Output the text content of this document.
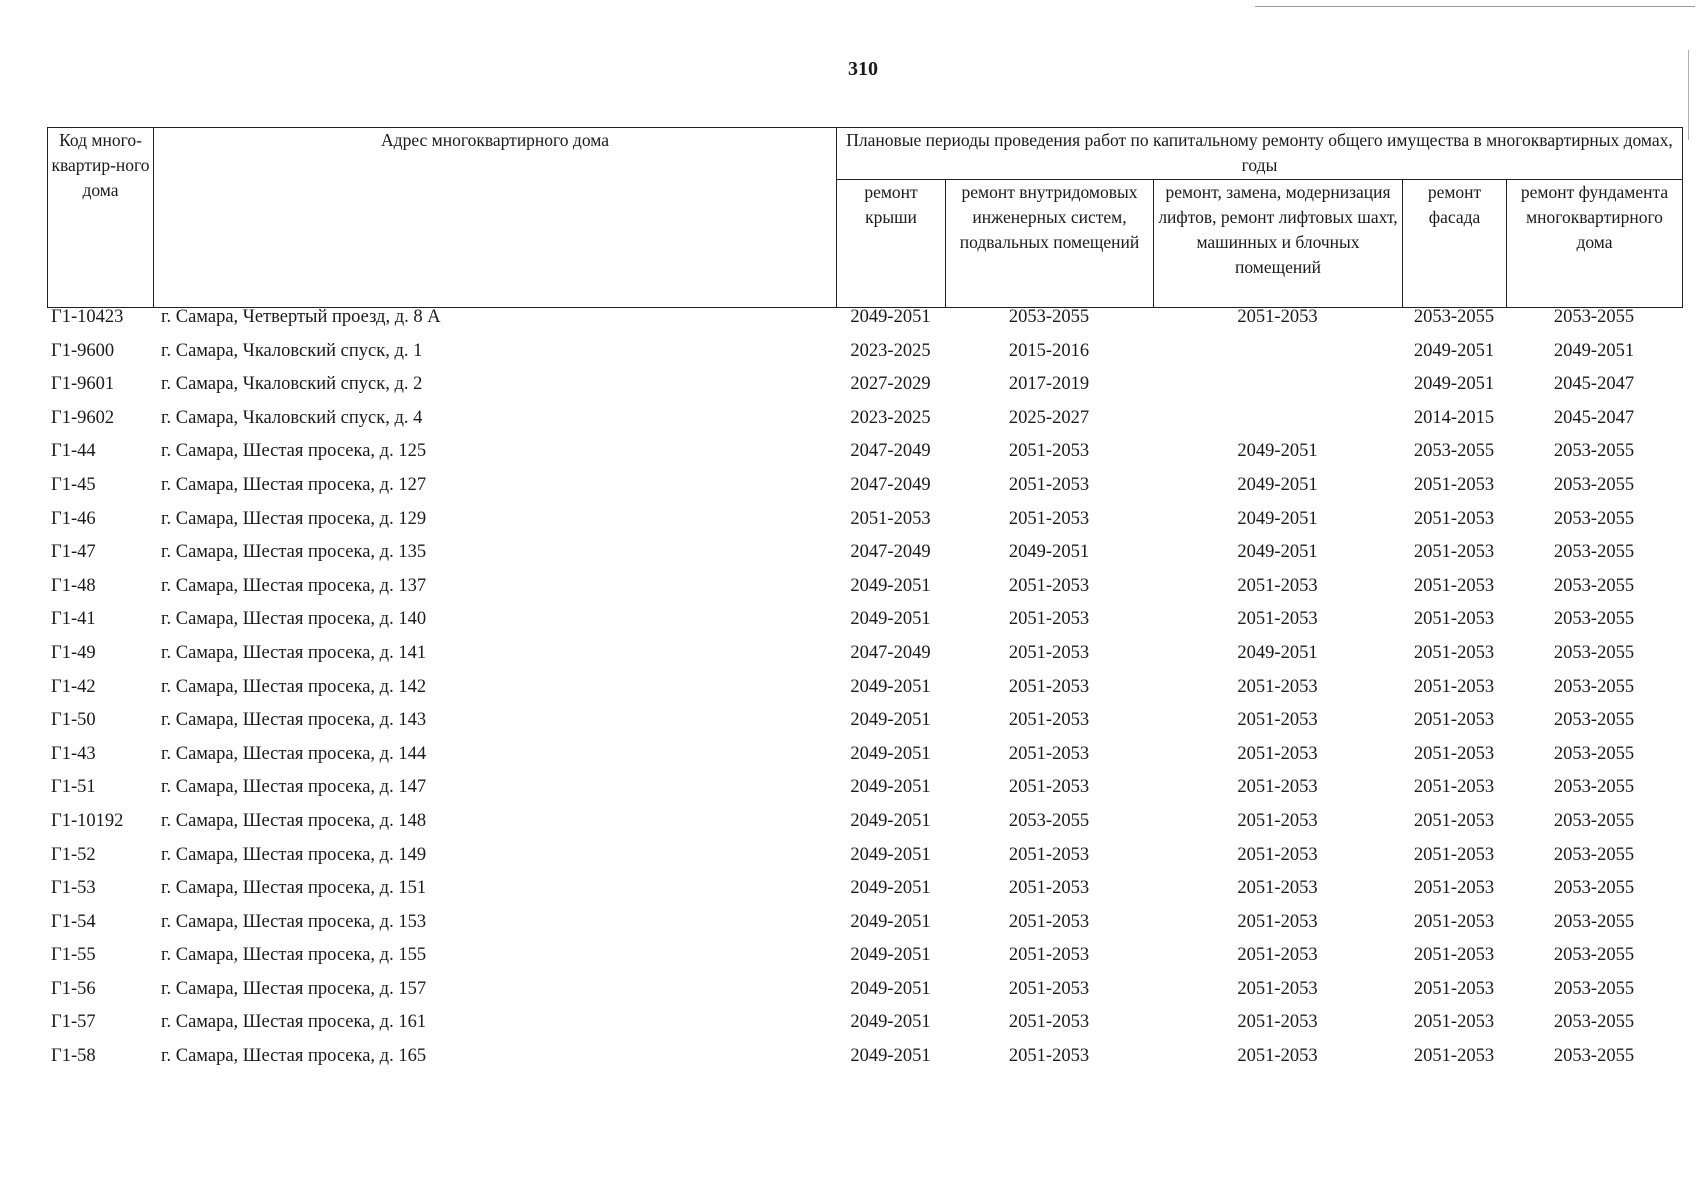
310
Код много-квартир-ного дома	Адрес многоквартирного дома	Плановые периоды проведения работ по капитальному ремонту общего имущества в многоквартирных домах, годы				
		ремонт крыши	ремонт внутридомовых инженерных систем, подвальных помещений	ремонт, замена, модернизация лифтов, ремонт лифтовых шахт, машинных и блочных помещений	ремонт фасада	ремонт фундамента многоквартирного дома
Г1-10423	г. Самара, Четвертый проезд, д. 8 А	2049-2051	2053-2055	2051-2053	2053-2055	2053-2055
Г1-9600	г. Самара, Чкаловский спуск, д. 1	2023-2025	2015-2016		2049-2051	2049-2051
Г1-9601	г. Самара, Чкаловский спуск, д. 2	2027-2029	2017-2019		2049-2051	2045-2047
Г1-9602	г. Самара, Чкаловский спуск, д. 4	2023-2025	2025-2027		2014-2015	2045-2047
Г1-44	г. Самара, Шестая просека, д. 125	2047-2049	2051-2053	2049-2051	2053-2055	2053-2055
Г1-45	г. Самара, Шестая просека, д. 127	2047-2049	2051-2053	2049-2051	2051-2053	2053-2055
Г1-46	г. Самара, Шестая просека, д. 129	2051-2053	2051-2053	2049-2051	2051-2053	2053-2055
Г1-47	г. Самара, Шестая просека, д. 135	2047-2049	2049-2051	2049-2051	2051-2053	2053-2055
Г1-48	г. Самара, Шестая просека, д. 137	2049-2051	2051-2053	2051-2053	2051-2053	2053-2055
Г1-41	г. Самара, Шестая просека, д. 140	2049-2051	2051-2053	2051-2053	2051-2053	2053-2055
Г1-49	г. Самара, Шестая просека, д. 141	2047-2049	2051-2053	2049-2051	2051-2053	2053-2055
Г1-42	г. Самара, Шестая просека, д. 142	2049-2051	2051-2053	2051-2053	2051-2053	2053-2055
Г1-50	г. Самара, Шестая просека, д. 143	2049-2051	2051-2053	2051-2053	2051-2053	2053-2055
Г1-43	г. Самара, Шестая просека, д. 144	2049-2051	2051-2053	2051-2053	2051-2053	2053-2055
Г1-51	г. Самара, Шестая просека, д. 147	2049-2051	2051-2053	2051-2053	2051-2053	2053-2055
Г1-10192	г. Самара, Шестая просека, д. 148	2049-2051	2053-2055	2051-2053	2051-2053	2053-2055
Г1-52	г. Самара, Шестая просека, д. 149	2049-2051	2051-2053	2051-2053	2051-2053	2053-2055
Г1-53	г. Самара, Шестая просека, д. 151	2049-2051	2051-2053	2051-2053	2051-2053	2053-2055
Г1-54	г. Самара, Шестая просека, д. 153	2049-2051	2051-2053	2051-2053	2051-2053	2053-2055
Г1-55	г. Самара, Шестая просека, д. 155	2049-2051	2051-2053	2051-2053	2051-2053	2053-2055
Г1-56	г. Самара, Шестая просека, д. 157	2049-2051	2051-2053	2051-2053	2051-2053	2053-2055
Г1-57	г. Самара, Шестая просека, д. 161	2049-2051	2051-2053	2051-2053	2051-2053	2053-2055
Г1-58	г. Самара, Шестая просека, д. 165	2049-2051	2051-2053	2051-2053	2051-2053	2053-2055
